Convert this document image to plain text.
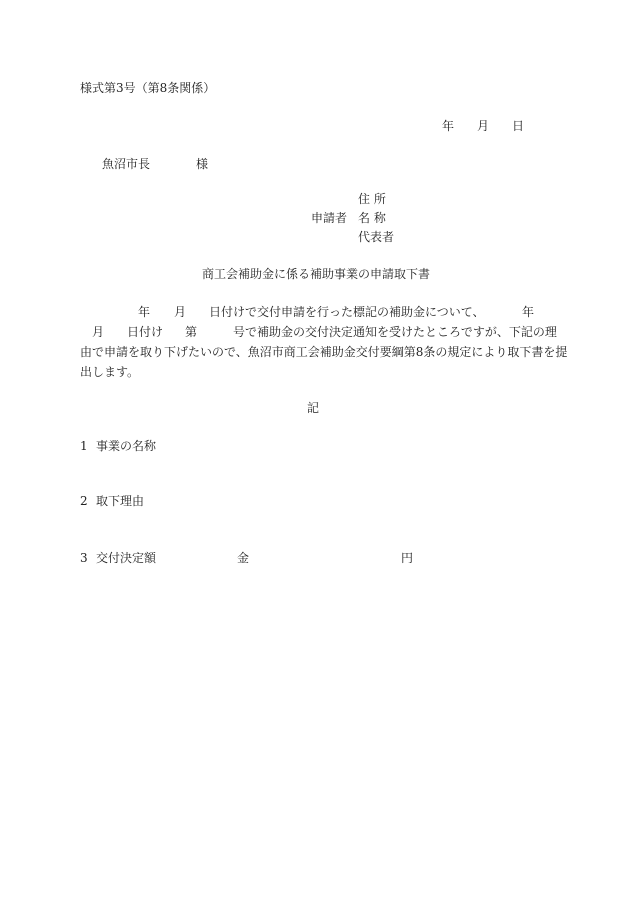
様式第3号（第8条関係）
年 月 日
魚沼市長	様
住 所
申請者 名 称
代表者
商工会補助金に係る補助事業の申請取下書
年 月 日付けで交付申請を行った標記の補助金について、	年
月 日付け 第	号で補助金の交付決定通知を受けたところですが、下記の理
由で申請を取り下げたいので、魚沼市商工会補助金交付要綱第8条の規定により取下書を提
出します。
記
1 事業の名称
2 取下理由
3 交付決定額	金	円
